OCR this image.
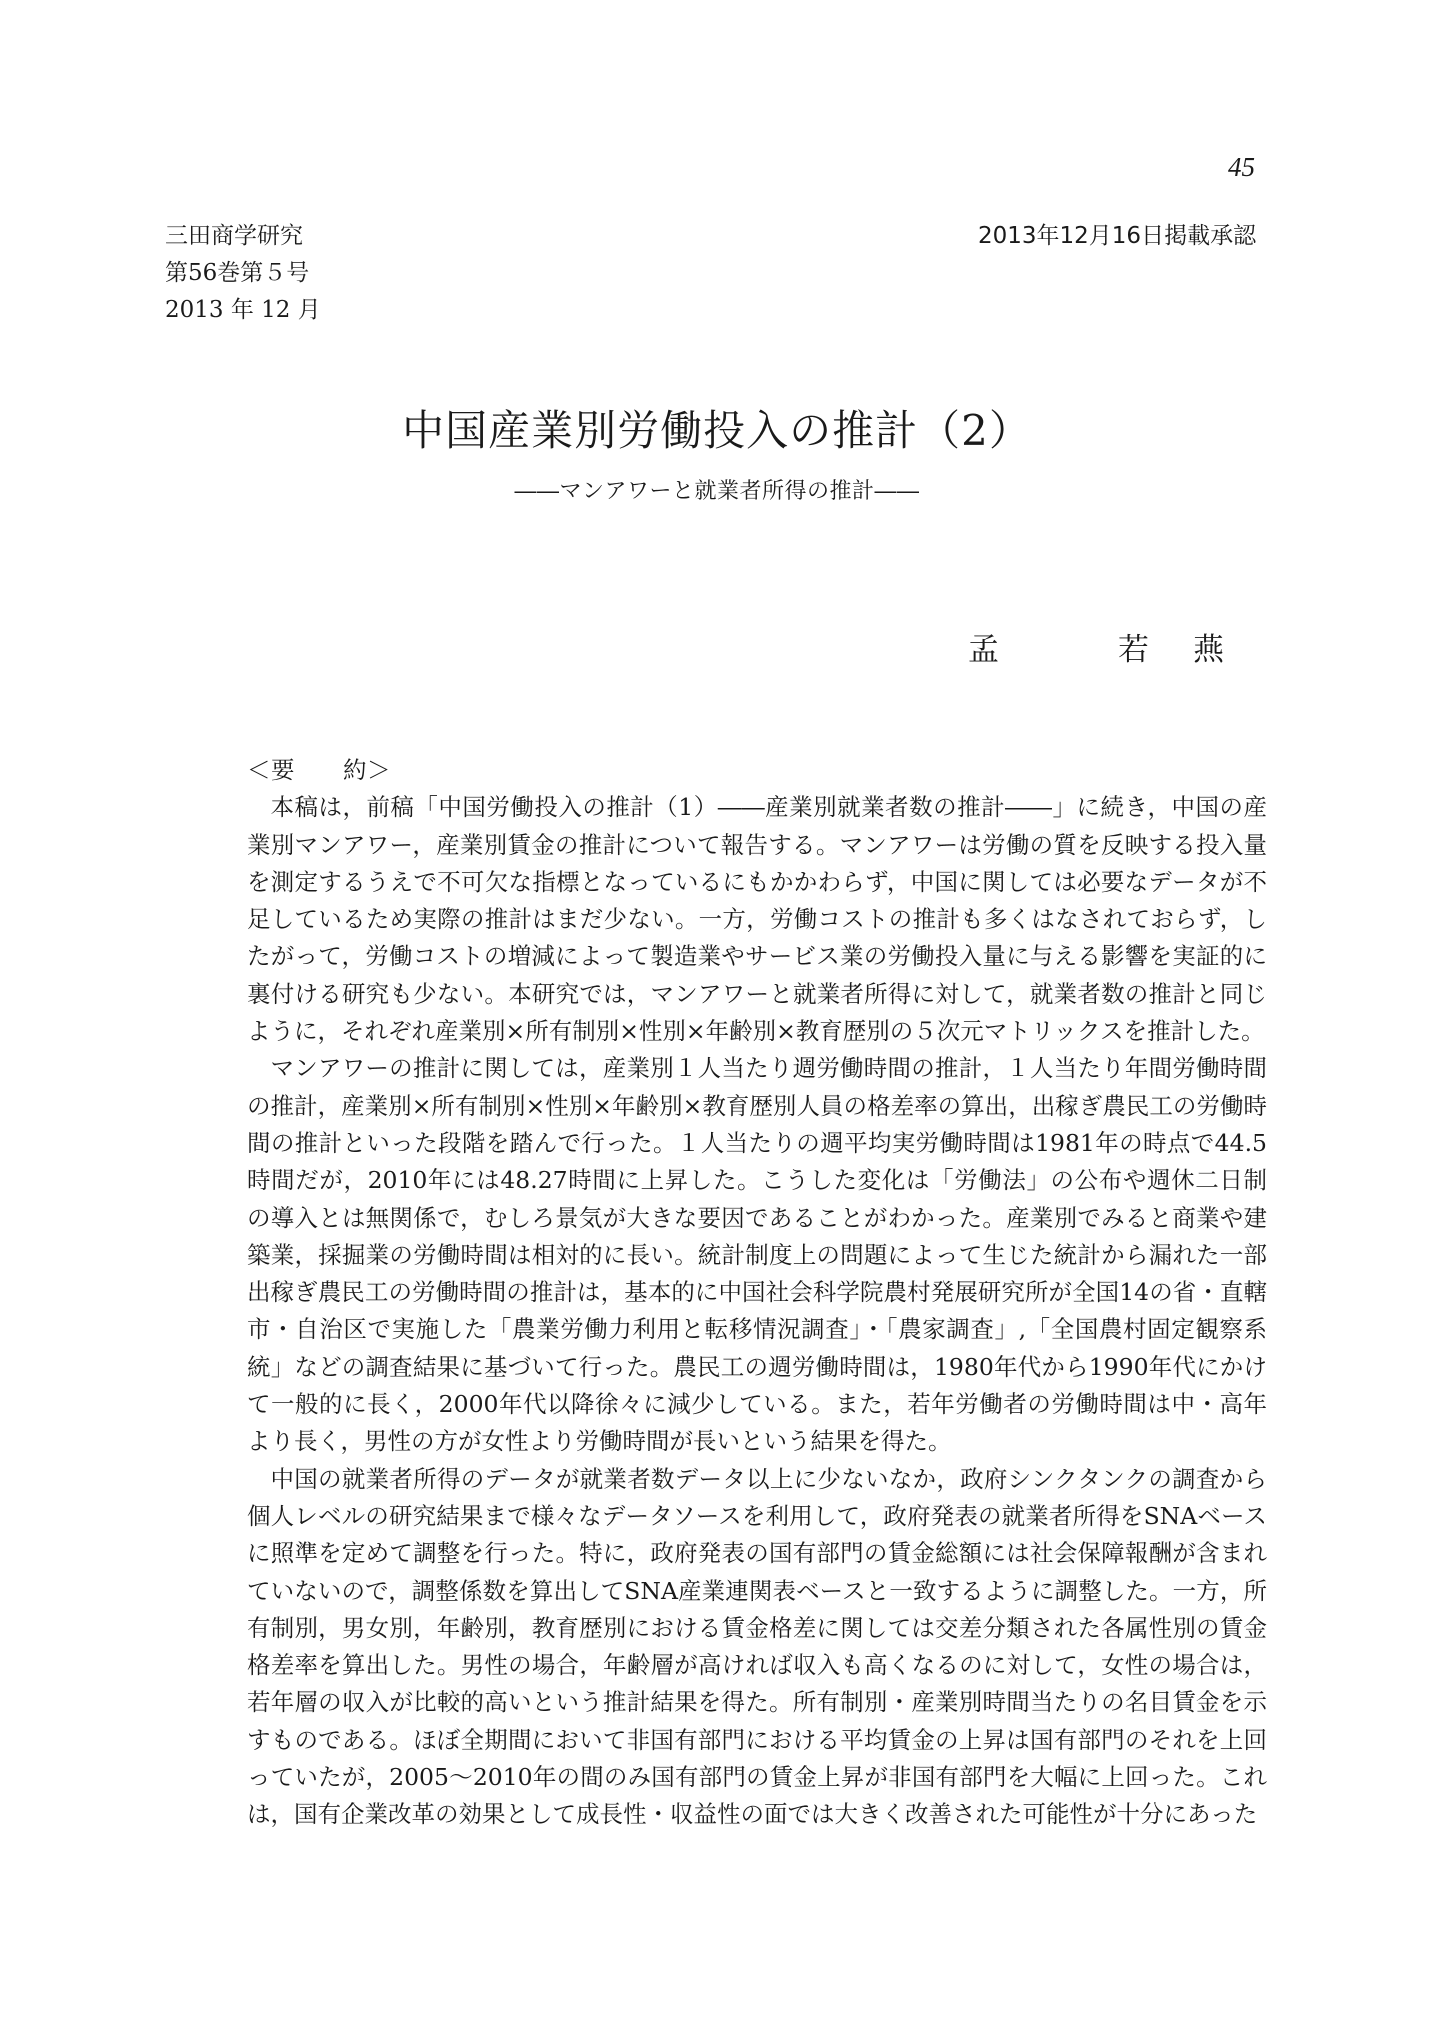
45
三田商学研究
第56巻第５号
2013 年 12 月
2013年12月16日掲載承認
中国産業別労働投入の推計（2）
――マンアワーと就業者所得の推計――
孟　若燕
＜要　　約＞

本稿は，前稿「中国労働投入の推計（1）――産業別就業者数の推計――」に続き，中国の産業別マンアワー，産業別賃金の推計について報告する。マンアワーは労働の質を反映する投入量を測定するうえで不可欠な指標となっているにもかかわらず，中国に関しては必要なデータが不足しているため実際の推計はまだ少ない。一方，労働コストの推計も多くはなされておらず，したがって，労働コストの増減によって製造業やサービス業の労働投入量に与える影響を実証的に裏付ける研究も少ない。本研究では，マンアワーと就業者所得に対して，就業者数の推計と同じように，それぞれ産業別×所有制別×性別×年齢別×教育歴別の５次元マトリックスを推計した。

マンアワーの推計に関しては，産業別１人当たり週労働時間の推計，１人当たり年間労働時間の推計，産業別×所有制別×性別×年齢別×教育歴別人員の格差率の算出，出稼ぎ農民工の労働時間の推計といった段階を踏んで行った。１人当たりの週平均実労働時間は1981年の時点で44.5時間だが，2010年には48.27時間に上昇した。こうした変化は「労働法」の公布や週休二日制の導入とは無関係で，むしろ景気が大きな要因であることがわかった。産業別でみると商業や建築業，採掘業の労働時間は相対的に長い。統計制度上の問題によって生じた統計から漏れた一部出稼ぎ農民工の労働時間の推計は，基本的に中国社会科学院農村発展研究所が全国14の省・直轄市・自治区で実施した「農業労働力利用と転移情況調査」・「農家調査」,「全国農村固定観察系統」などの調査結果に基づいて行った。農民工の週労働時間は，1980年代から1990年代にかけて一般的に長く，2000年代以降徐々に減少している。また，若年労働者の労働時間は中・高年より長く，男性の方が女性より労働時間が長いという結果を得た。

中国の就業者所得のデータが就業者数データ以上に少ないなか，政府シンクタンクの調査から個人レベルの研究結果まで様々なデータソースを利用して，政府発表の就業者所得をSNAベースに照準を定めて調整を行った。特に，政府発表の国有部門の賃金総額には社会保障報酬が含まれていないので，調整係数を算出してSNA産業連関表ベースと一致するように調整した。一方，所有制別，男女別，年齢別，教育歴別における賃金格差に関しては交差分類された各属性別の賃金格差率を算出した。男性の場合，年齢層が高ければ収入も高くなるのに対して，女性の場合は，若年層の収入が比較的高いという推計結果を得た。所有制別・産業別時間当たりの名目賃金を示すものである。ほぼ全期間において非国有部門における平均賃金の上昇は国有部門のそれを上回っていたが，2005～2010年の間のみ国有部門の賃金上昇が非国有部門を大幅に上回った。これは，国有企業改革の効果として成長性・収益性の面では大きく改善された可能性が十分にあった
